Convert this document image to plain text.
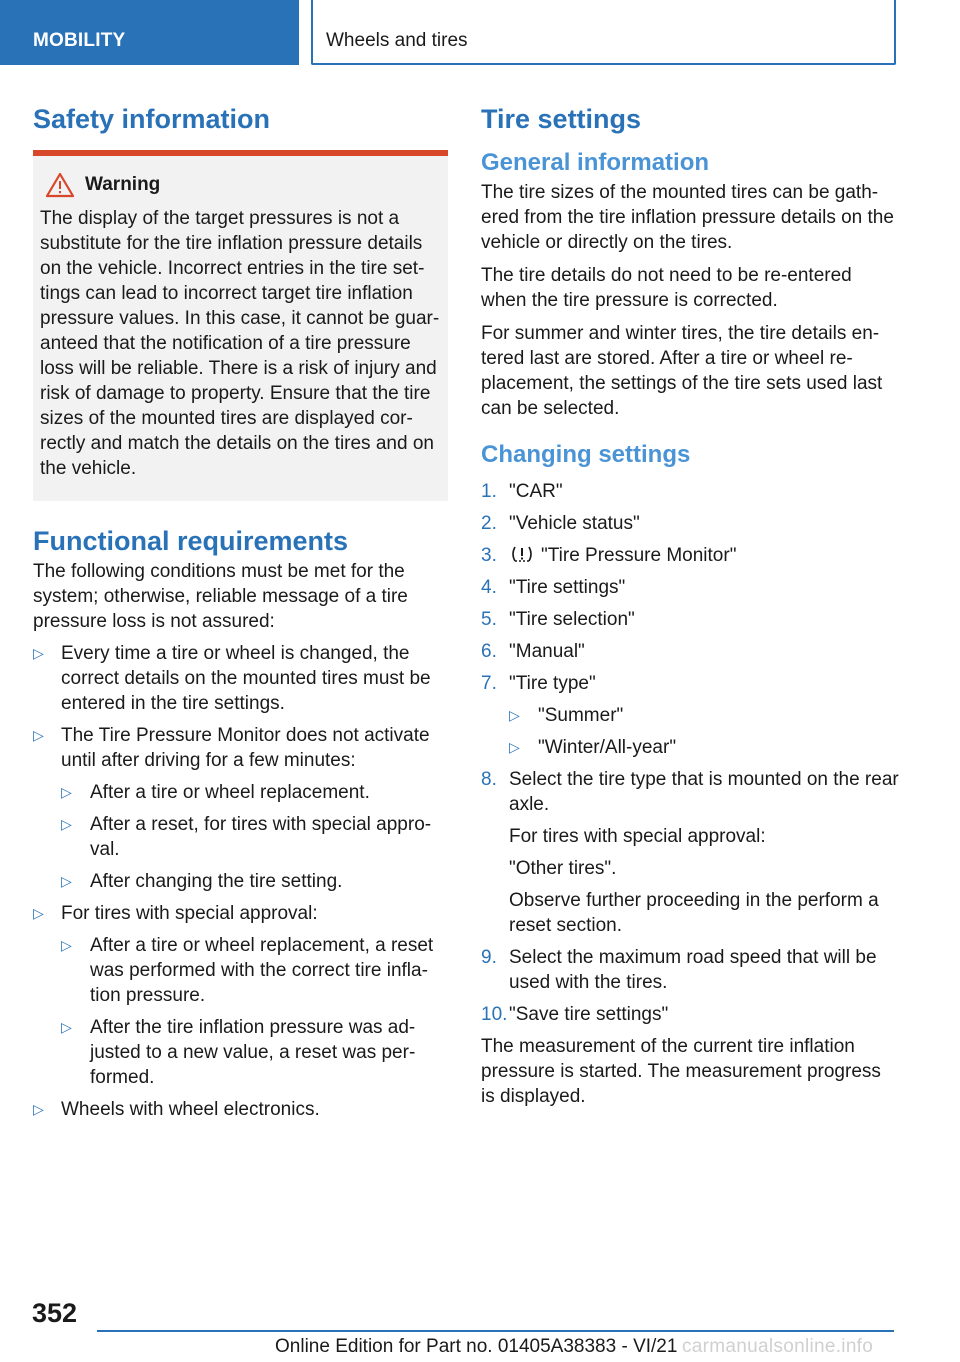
MOBILITY	Wheels and tires
Safety information
Warning

The display of the target pressures is not a substitute for the tire inflation pressure details on the vehicle. Incorrect entries in the tire set‐tings can lead to incorrect target tire inflation pressure values. In this case, it cannot be guar‐anteed that the notification of a tire pressure loss will be reliable. There is a risk of injury and risk of damage to property. Ensure that the tire sizes of the mounted tires are displayed cor‐rectly and match the details on the tires and on the vehicle.

Functional requirements

The following conditions must be met for the system; otherwise, reliable message of a tire pressure loss is not assured:

▷ Every time a tire or wheel is changed, the correct details on the mounted tires must be entered in the tire settings.
▷ The Tire Pressure Monitor does not activate until after driving for a few minutes:
▷ After a tire or wheel replacement.
▷ After a reset, for tires with special appro‐val.
▷ After changing the tire setting.
▷ For tires with special approval:
▷ After a tire or wheel replacement, a reset was performed with the correct tire infla‐tion pressure.
▷ After the tire inflation pressure was ad‐justed to a new value, a reset was per‐formed.
▷ Wheels with wheel electronics.
Tire settings
General information

The tire sizes of the mounted tires can be gath‐ered from the tire inflation pressure details on the vehicle or directly on the tires.

The tire details do not need to be re-entered when the tire pressure is corrected.

For summer and winter tires, the tire details en‐tered last are stored. After a tire or wheel re‐placement, the settings of the tire sets used last can be selected.

Changing settings
1. "CAR"
2. "Vehicle status"
3. "Tire Pressure Monitor"
4. "Tire settings"
5. "Tire selection"
6. "Manual"
7. "Tire type"
▷ "Summer"
▷ "Winter/All-year"
8. Select the tire type that is mounted on the rear axle.
For tires with special approval:
"Other tires".
Observe further proceeding in the perform a reset section.
9. Select the maximum road speed that will be used with the tires.
10. "Save tire settings"

The measurement of the current tire inflation pressure is started. The measurement progress is displayed.

352
Online Edition for Part no. 01405A38383 - VI/21 carmanualsonline.info
